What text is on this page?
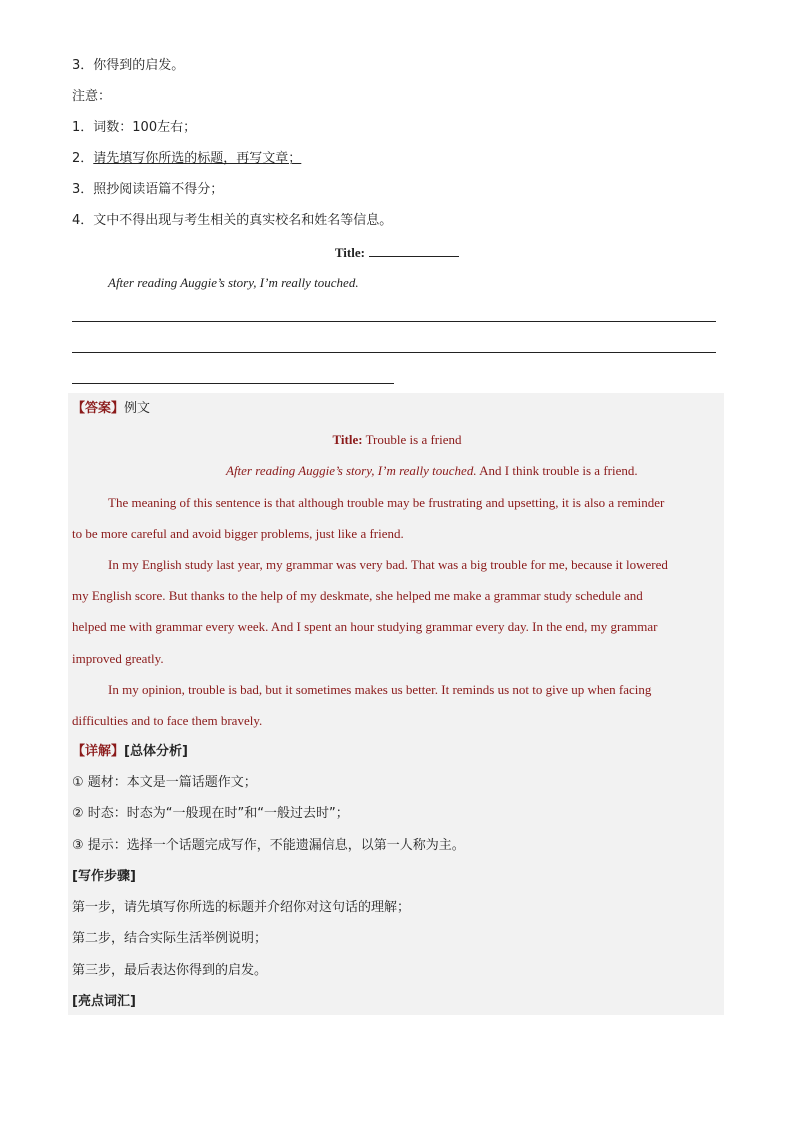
3．你得到的启发。
注意：
1．词数：100左右；
2．请先填写你所选的标题，再写文章；
3．照抄阅读语篇不得分；
4．文中不得出现与考生相关的真实校名和姓名等信息。
Title:
After reading Auggie’s story, I’m really touched.
【答案】例文
Title: Trouble is a friend
After reading Auggie’s story, I’m really touched. And I think trouble is a friend.
The meaning of this sentence is that although trouble may be frustrating and upsetting, it is also a reminder
to be more careful and avoid bigger problems, just like a friend.
In my English study last year, my grammar was very bad. That was a big trouble for me, because it lowered
my English score. But thanks to the help of my deskmate, she helped me make a grammar study schedule and
helped me with grammar every week. And I spent an hour studying grammar every day. In the end, my grammar
improved greatly.
In my opinion, trouble is bad, but it sometimes makes us better. It reminds us not to give up when facing
difficulties and to face them bravely.
【详解】[总体分析]
① 题材：本文是一篇话题作文；
② 时态：时态为“一般现在时”和“一般过去时”；
③ 提示：选择一个话题完成写作，不能遗漏信息，以第一人称为主。
[写作步骤]
第一步，请先填写你所选的标题并介绍你对这句话的理解；
第二步，结合实际生活举例说明；
第三步，最后表达你得到的启发。
[亮点词汇]
